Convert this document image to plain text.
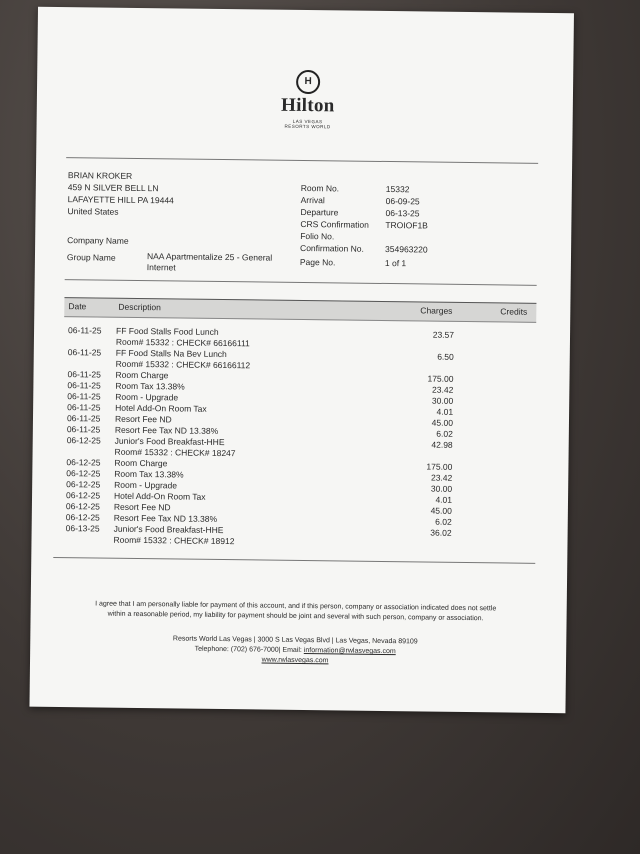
H
Hilton
LAS VEGAS
RESORTS WORLD
BRIAN KROKER
459 N SILVER BELL LN
LAFAYETTE HILL PA 19444
United States
Company Name
Group Name	NAA Apartmentalize 25 - General
Internet
Room No.	15332
Arrival	06-09-25
Departure	06-13-25
CRS Confirmation TROIOF1B
Folio No.
Confirmation No. 354963220
Page No.	1 of 1
Date	Description	Charges	Credits
06-11-25 FF Food Stalls Food Lunch	23.57
Room# 15332 : CHECK# 66166111
06-11-25 FF Food Stalls Na Bev Lunch	6.50
Room# 15332 : CHECK# 66166112
06-11-25 Room Charge	175.00
06-11-25 Room Tax 13.38%	23.42
06-11-25 Room - Upgrade	30.00
06-11-25 Hotel Add-On Room Tax	4.01
06-11-25 Resort Fee ND	45.00
06-11-25 Resort Fee Tax ND 13.38%	6.02
06-12-25 Junior's Food Breakfast-HHE	42.98
Room# 15332 : CHECK# 18247
06-12-25 Room Charge	175.00
06-12-25 Room Tax 13.38%	23.42
06-12-25 Room - Upgrade	30.00
06-12-25 Hotel Add-On Room Tax	4.01
06-12-25 Resort Fee ND	45.00
06-12-25 Resort Fee Tax ND 13.38%	6.02
06-13-25 Junior's Food Breakfast-HHE	36.02
Room# 15332 : CHECK# 18912
I agree that I am personally liable for payment of this account, and if this person, company or association indicated does not settle
within a reasonable period, my liability for payment should be joint and several with such person, company or association.
Resorts World Las Vegas | 3000 S Las Vegas Blvd | Las Vegas, Nevada 89109
Telephone: (702) 676-7000| Email: information@rwlasvegas.com
www.rwlasvegas.com
